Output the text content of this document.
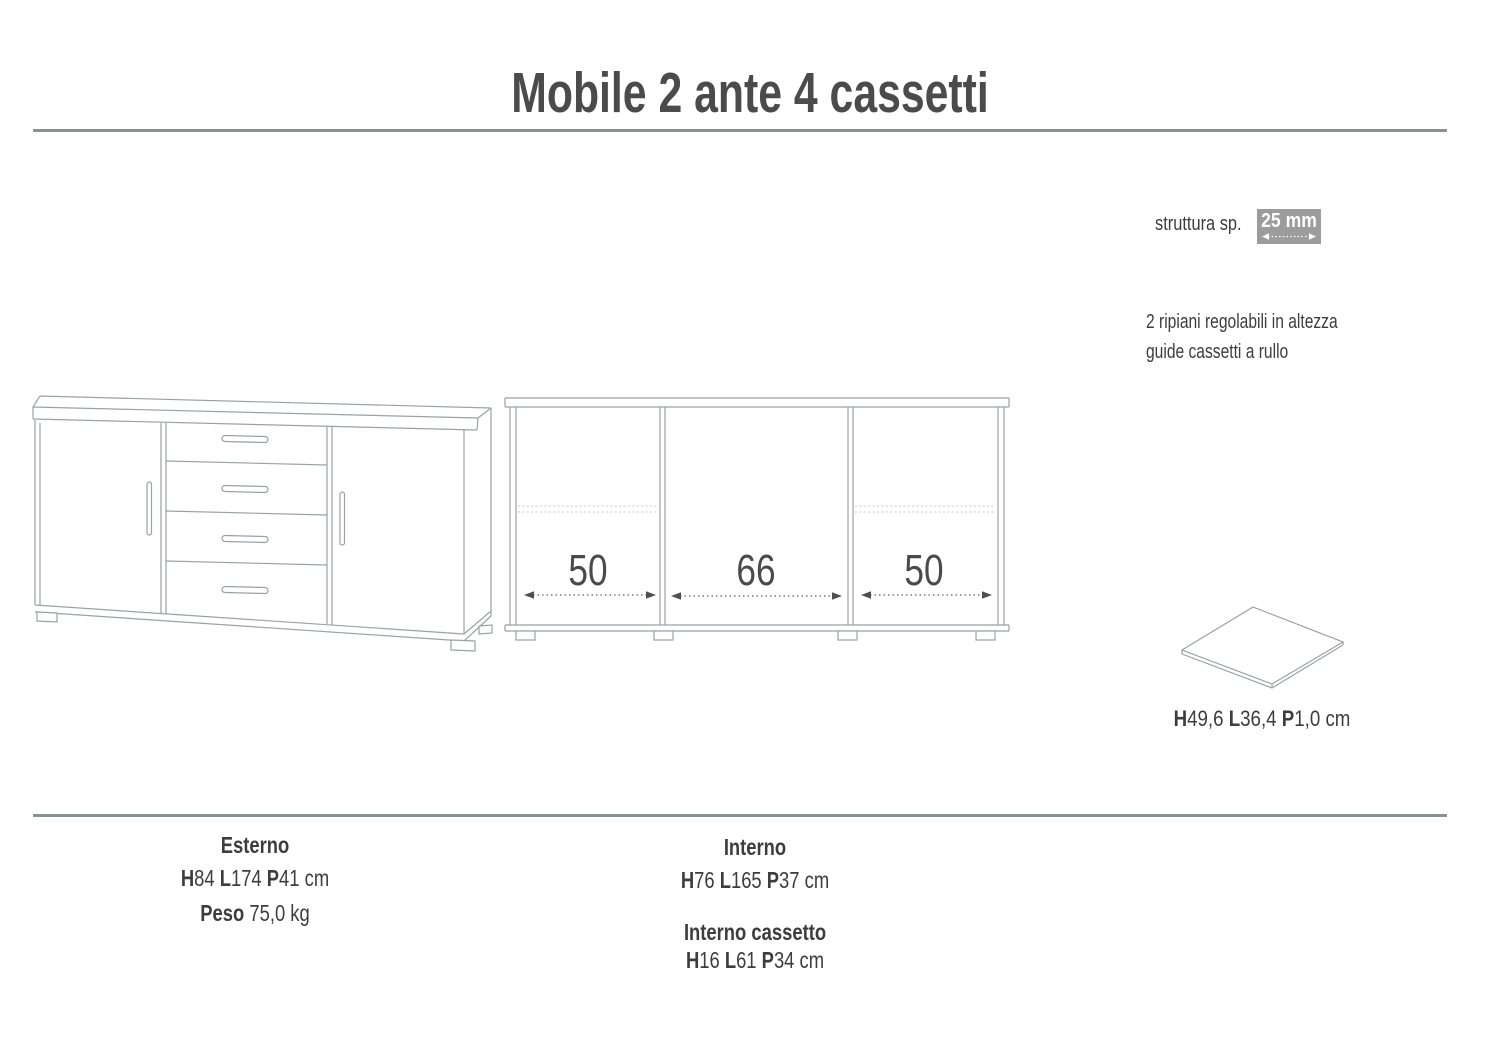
Mobile 2 ante 4 cassetti
struttura sp. 25 mm
2 ripiani regolabili in altezza
guide cassetti a rullo
50	66	50
H49,6 L36,4 P1,0 cm
Esterno
H84 L174 P41 cm
Peso 75,0 kg
Interno
H76 L165 P37 cm
Interno cassetto
H16 L61 P34 cm
